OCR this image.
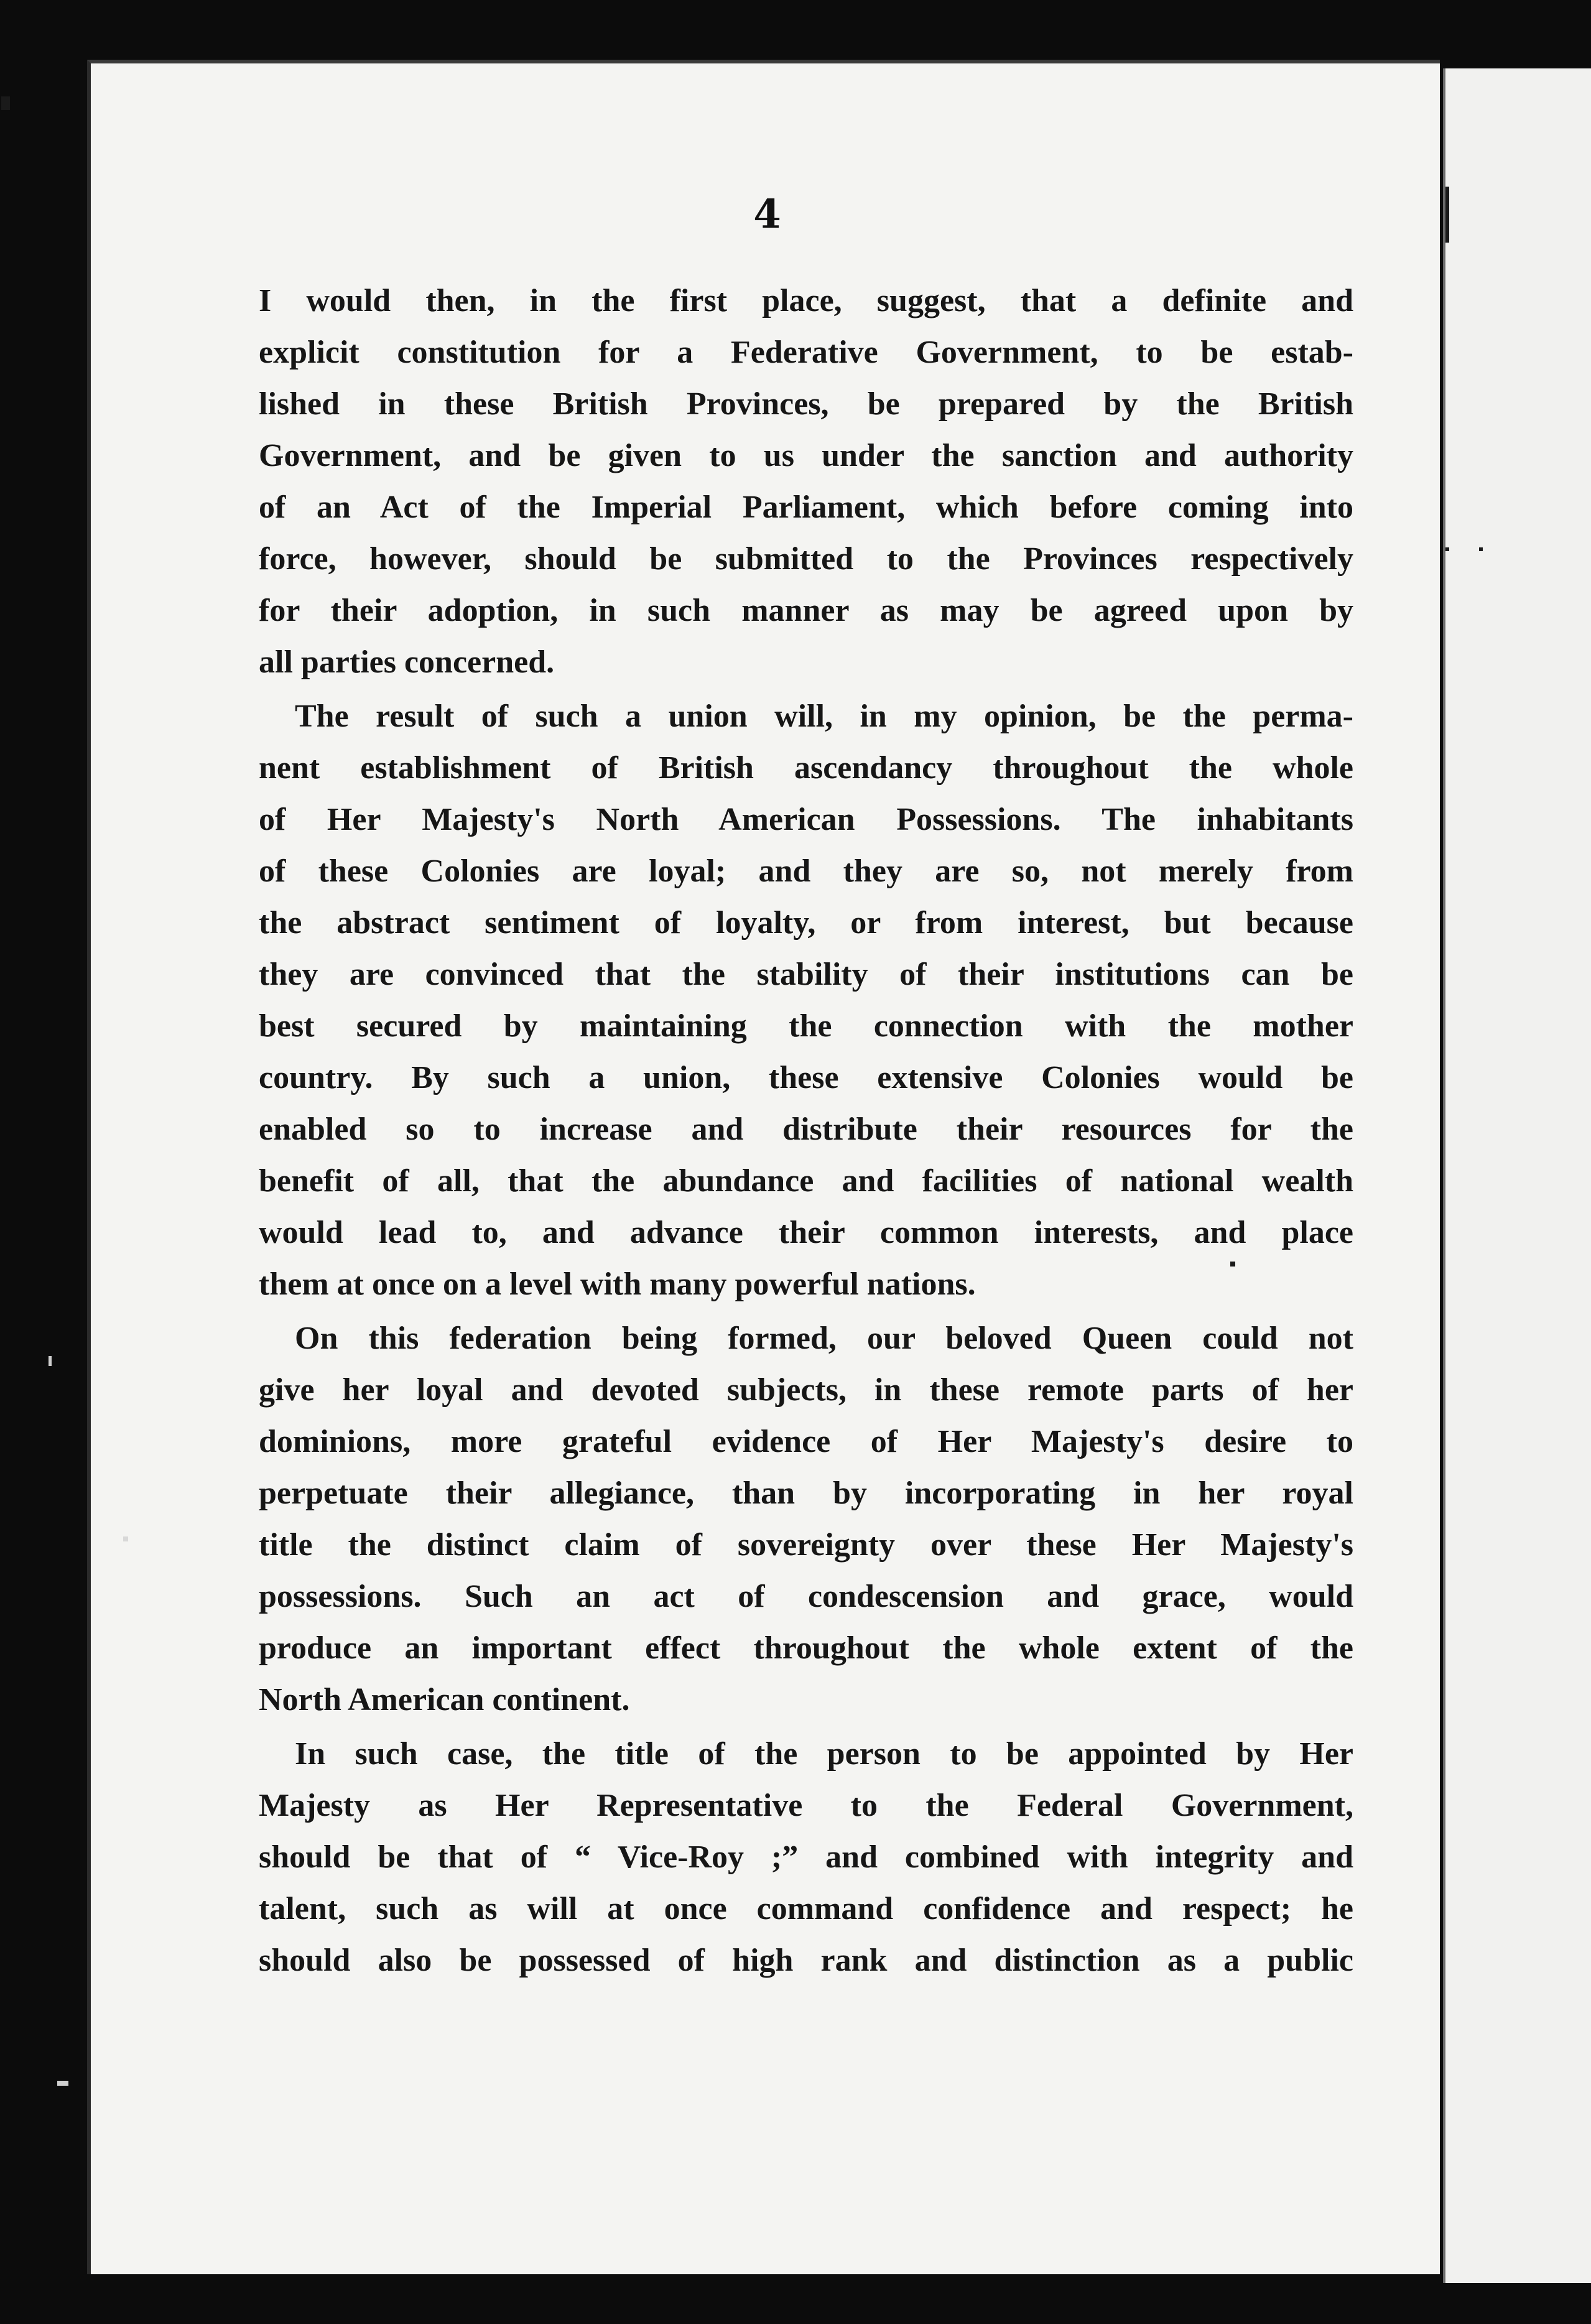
4

I would then, in the first place, suggest, that a definite and
explicit constitution for a Federative Government, to be estab-
lished in these British Provinces, be prepared by the British
Government, and be given to us under the sanction and authority
of an Act of the Imperial Parliament, which before coming into
force, however, should be submitted to the Provinces respectively
for their adoption, in such manner as may be agreed upon by
all parties concerned.

The result of such a union will, in my opinion, be the perma-
nent establishment of British ascendancy throughout the whole
of Her Majesty's North American Possessions. The inhabitants
of these Colonies are loyal; and they are so, not merely from
the abstract sentiment of loyalty, or from interest, but because
they are convinced that the stability of their institutions can be
best secured by maintaining the connection with the mother
country. By such a union, these extensive Colonies would be
enabled so to increase and distribute their resources for the
benefit of all, that the abundance and facilities of national wealth
would lead to, and advance their common interests, and place
them at once on a level with many powerful nations.

On this federation being formed, our beloved Queen could not
give her loyal and devoted subjects, in these remote parts of her
dominions, more grateful evidence of Her Majesty's desire to
perpetuate their allegiance, than by incorporating in her royal
title the distinct claim of sovereignty over these Her Majesty's
possessions. Such an act of condescension and grace, would
produce an important effect throughout the whole extent of the
North American continent.

In such case, the title of the person to be appointed by Her
Majesty as Her Representative to the Federal Government,
should be that of “ Vice-Roy ;” and combined with integrity and
talent, such as will at once command confidence and respect; he
should also be possessed of high rank and distinction as a public
